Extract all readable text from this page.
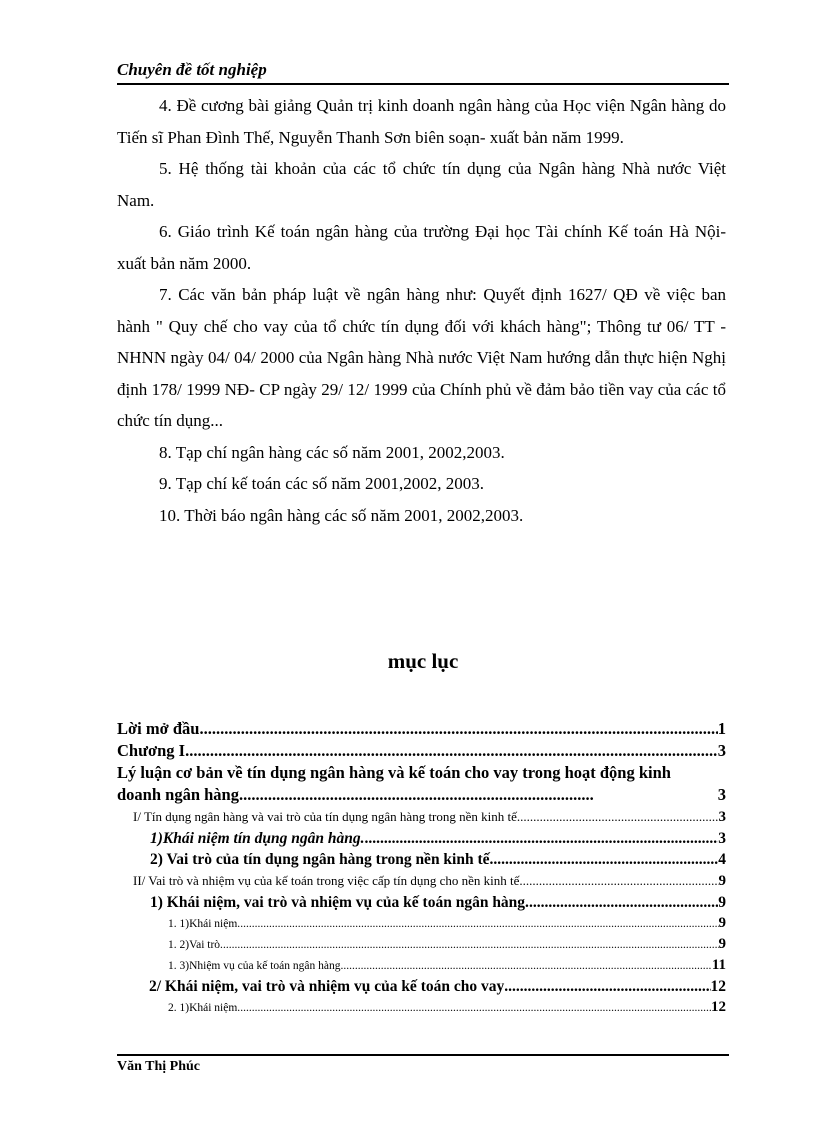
Chuyên đề tốt nghiệp

4. Đề cương bài giảng Quản trị kinh doanh ngân hàng của Học viện Ngân hàng do Tiến sĩ Phan Đình Thế, Nguyễn Thanh Sơn biên soạn- xuất bản năm 1999.

5. Hệ thống tài khoản của các tổ chức tín dụng của Ngân hàng Nhà nước Việt Nam.

6. Giáo trình Kế toán ngân hàng của trường Đại học Tài chính Kế toán Hà Nội- xuất bản năm 2000.

7. Các văn bản pháp luật về ngân hàng như: Quyết định 1627/ QĐ về việc ban hành " Quy chế cho vay của tổ chức tín dụng đối với khách hàng"; Thông tư 06/ TT - NHNN ngày 04/ 04/ 2000 của Ngân hàng Nhà nước Việt Nam hướng dẫn thực hiện Nghị định 178/ 1999 NĐ- CP ngày 29/ 12/ 1999 của Chính phủ về đảm bảo tiền vay của các tổ chức tín dụng...

8. Tạp chí ngân hàng các số năm 2001, 2002,2003.

9. Tạp chí kế toán các số năm 2001,2002, 2003.

10. Thời báo ngân hàng các số năm 2001, 2002,2003.

mục lục
Lời mở đầu. .....	1
Chương I. .....	3
Lý luận cơ bản về tín dụng ngân hàng và kế toán cho vay trong hoạt động kinh doanh ngân hàng......................................................................................	3
I/ Tín dụng ngân hàng và vai trò của tín dụng ngân hàng trong nền kinh tế .....	3
1)Khái niệm tín dụng ngân hàng. .....	3
2) Vai trò của tín dụng ngân hàng trong nền kinh tế .....	4
II/ Vai trò và nhiệm vụ của kế toán trong việc cấp tín dụng cho nền kinh tế .....	9
1) Khái niệm, vai trò và nhiệm vụ của kế toán ngân hàng. .....	9
1. 1)Khái niệm. .....	9
1. 2)Vai trò. .....	9
1. 3)Nhiệm vụ của kế toán ngân hàng. .....	11
2/ Khái niệm, vai trò và nhiệm vụ của kế toán cho vay .....	12
2. 1)Khái niệm. .....	12
Văn Thị Phúc
